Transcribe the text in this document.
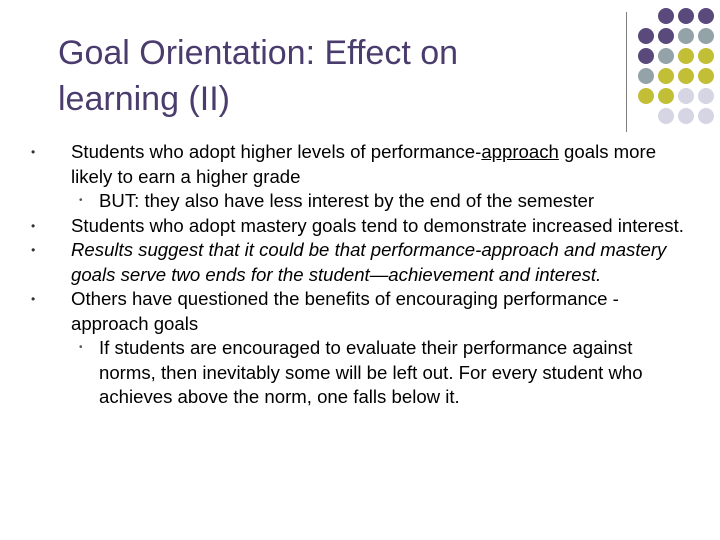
Goal Orientation: Effect on
learning (II)
• Students who adopt higher levels of performance-approach goals more likely to earn a higher grade
• BUT: they also have less interest by the end of the semester
• Students who adopt mastery goals tend to demonstrate increased interest.
• Results suggest that it could be that performance-approach and mastery goals serve two ends for the student—achievement and interest.
• Others have questioned the benefits of encouraging performance -approach goals
• If students are encouraged to evaluate their performance against norms, then inevitably some will be left out. For every student who achieves above the norm, one falls below it.
